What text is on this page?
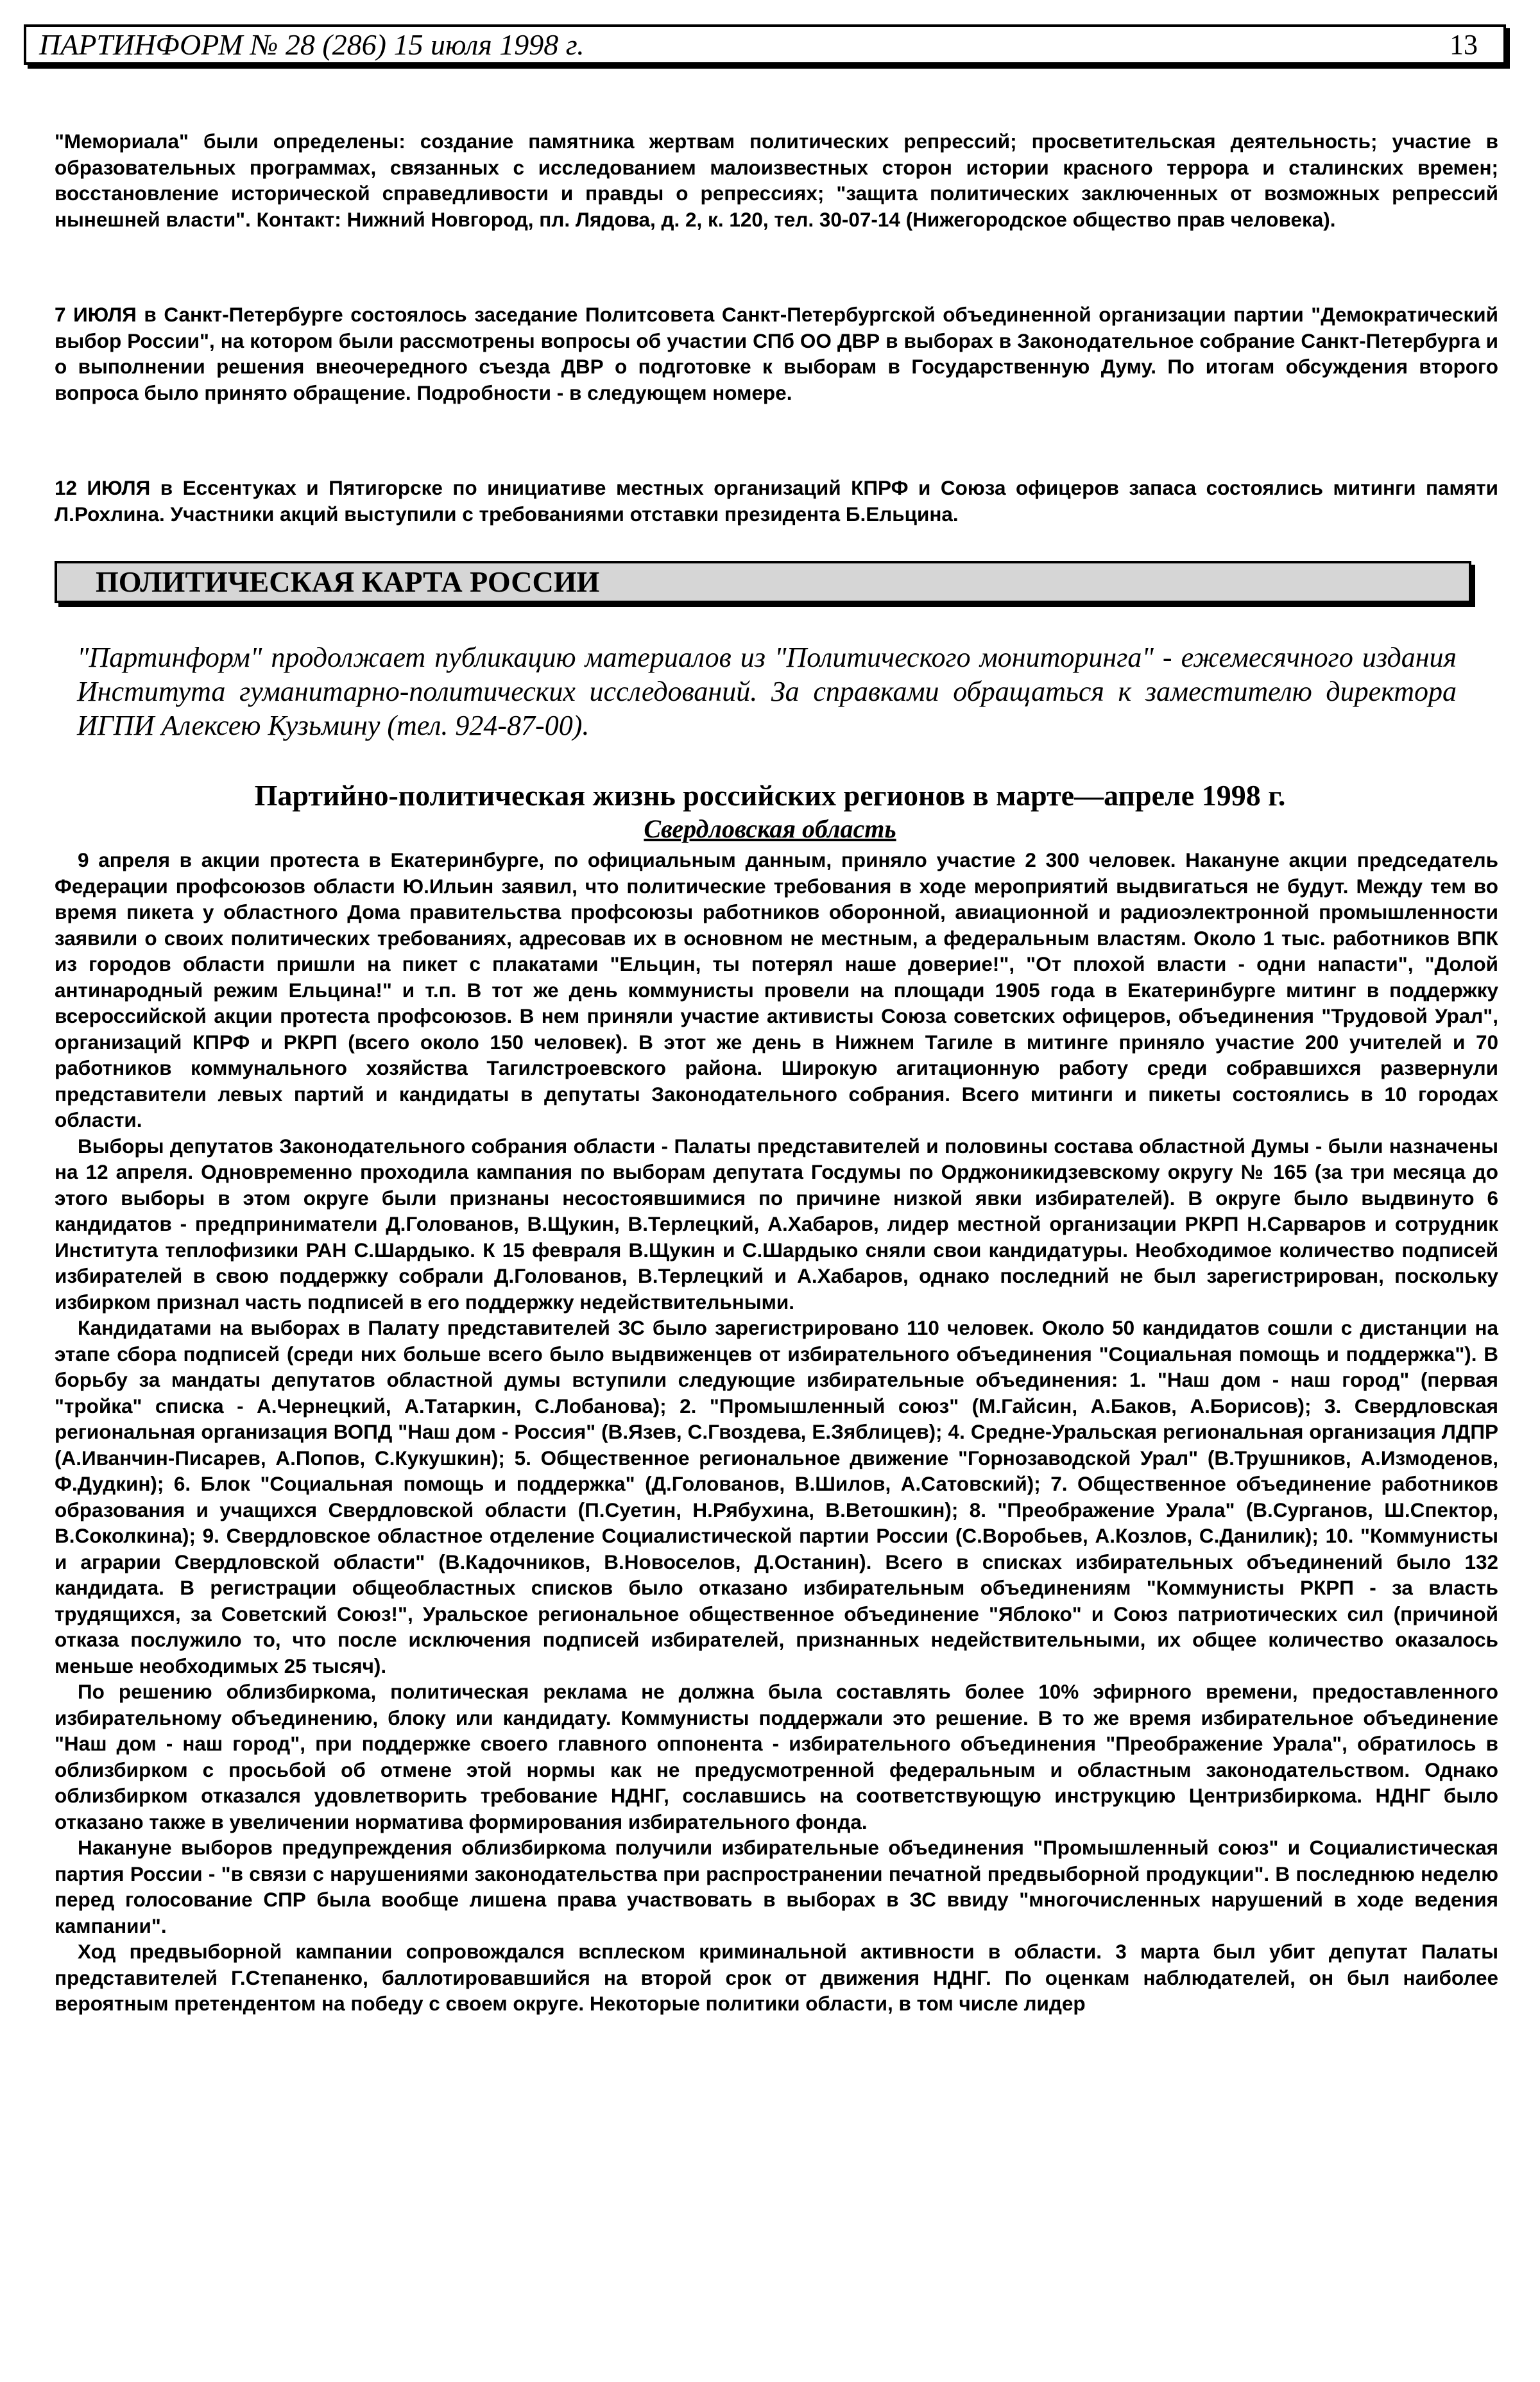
ПАРТИНФОРМ № 28 (286) 15 июля 1998 г.	13

"Мемориала" были определены: создание памятника жертвам политических репрессий; просветительская деятельность; участие в образовательных программах, связанных с исследованием малоизвестных сторон истории красного террора и сталинских времен; восстановление исторической справедливости и правды о репрессиях; "защита политических заключенных от возможных репрессий нынешней власти". Контакт: Нижний Новгород, пл. Лядова, д. 2, к. 120, тел. 30-07-14 (Нижегородское общество прав человека).

7 ИЮЛЯ в Санкт-Петербурге состоялось заседание Политсовета Санкт-Петербургской объединенной организации партии "Демократический выбор России", на котором были рассмотрены вопросы об участии СПб ОО ДВР в выборах в Законодательное собрание Санкт-Петербурга и о выполнении решения внеочередного съезда ДВР о подготовке к выборам в Государственную Думу. По итогам обсуждения второго вопроса было принято обращение. Подробности - в следующем номере.

12 ИЮЛЯ в Ессентуках и Пятигорске по инициативе местных организаций КПРФ и Союза офицеров запаса состоялись митинги памяти Л.Рохлина. Участники акций выступили с требованиями отставки президента Б.Ельцина.

ПОЛИТИЧЕСКАЯ КАРТА РОССИИ

"Партинформ" продолжает публикацию материалов из "Политического мониторинга" - ежемесячного издания Института гуманитарно-политических исследований. За справками обращаться к заместителю директора ИГПИ Алексею Кузьмину (тел. 924-87-00).

Партийно-политическая жизнь российских регионов в марте—апреле 1998 г.
Свердловская область

9 апреля в акции протеста в Екатеринбурге, по официальным данным, приняло участие 2 300 человек. Накануне акции председатель Федерации профсоюзов области Ю.Ильин заявил, что политические требования в ходе мероприятий выдвигаться не будут. Между тем во время пикета у областного Дома правительства профсоюзы работников оборонной, авиационной и радиоэлектронной промышленности заявили о своих политических требованиях, адресовав их в основном не местным, а федеральным властям. Около 1 тыс. работников ВПК из городов области пришли на пикет с плакатами "Ельцин, ты потерял наше доверие!", "От плохой власти - одни напасти", "Долой антинародный режим Ельцина!" и т.п. В тот же день коммунисты провели на площади 1905 года в Екатеринбурге митинг в поддержку всероссийской акции протеста профсоюзов. В нем приняли участие активисты Союза советских офицеров, объединения "Трудовой Урал", организаций КПРФ и РКРП (всего около 150 человек). В этот же день в Нижнем Тагиле в митинге приняло участие 200 учителей и 70 работников коммунального хозяйства Тагилстроевского района. Широкую агитационную работу среди собравшихся развернули представители левых партий и кандидаты в депутаты Законодательного собрания. Всего митинги и пикеты состоялись в 10 городах области.

Выборы депутатов Законодательного собрания области - Палаты представителей и половины состава областной Думы - были назначены на 12 апреля. Одновременно проходила кампания по выборам депутата Госдумы по Орджоникидзевскому округу № 165 (за три месяца до этого выборы в этом округе были признаны несостоявшимися по причине низкой явки избирателей). В округе было выдвинуто 6 кандидатов - предприниматели Д.Голованов, В.Щукин, В.Терлецкий, А.Хабаров, лидер местной организации РКРП Н.Сарваров и сотрудник Института теплофизики РАН С.Шардыко. К 15 февраля В.Щукин и С.Шардыко сняли свои кандидатуры. Необходимое количество подписей избирателей в свою поддержку собрали Д.Голованов, В.Терлецкий и А.Хабаров, однако последний не был зарегистрирован, поскольку избирком признал часть подписей в его поддержку недействительными.

Кандидатами на выборах в Палату представителей ЗС было зарегистрировано 110 человек. Около 50 кандидатов сошли с дистанции на этапе сбора подписей (среди них больше всего было выдвиженцев от избирательного объединения "Социальная помощь и поддержка"). В борьбу за мандаты депутатов областной думы вступили следующие избирательные объединения: 1. "Наш дом - наш город" (первая "тройка" списка - А.Чернецкий, А.Татаркин, С.Лобанова); 2. "Промышленный союз" (М.Гайсин, А.Баков, А.Борисов); 3. Свердловская региональная организация ВОПД "Наш дом - Россия" (В.Язев, С.Гвоздева, Е.Зяблицев); 4. Средне-Уральская региональная организация ЛДПР (А.Иванчин-Писарев, А.Попов, С.Кукушкин); 5. Общественное региональное движение "Горнозаводской Урал" (В.Трушников, А.Измоденов, Ф.Дудкин); 6. Блок "Социальная помощь и поддержка" (Д.Голованов, В.Шилов, А.Сатовский); 7. Общественное объединение работников образования и учащихся Свердловской области (П.Суетин, Н.Рябухина, В.Ветошкин); 8. "Преображение Урала" (В.Сурганов, Ш.Спектор, В.Соколкина); 9. Свердловское областное отделение Социалистической партии России (С.Воробьев, А.Козлов, С.Данилик); 10. "Коммунисты и аграрии Свердловской области" (В.Кадочников, В.Новоселов, Д.Останин). Всего в списках избирательных объединений было 132 кандидата. В регистрации общеобластных списков было отказано избирательным объединениям "Коммунисты РКРП - за власть трудящихся, за Советский Союз!", Уральское региональное общественное объединение "Яблоко" и Союз патриотических сил (причиной отказа послужило то, что после исключения подписей избирателей, признанных недействительными, их общее количество оказалось меньше необходимых 25 тысяч).

По решению облизбиркома, политическая реклама не должна была составлять более 10% эфирного времени, предоставленного избирательному объединению, блоку или кандидату. Коммунисты поддержали это решение. В то же время избирательное объединение "Наш дом - наш город", при поддержке своего главного оппонента - избирательного объединения "Преображение Урала", обратилось в облизбирком с просьбой об отмене этой нормы как не предусмотренной федеральным и областным законодательством. Однако облизбирком отказался удовлетворить требование НДНГ, сославшись на соответствующую инструкцию Центризбиркома. НДНГ было отказано также в увеличении норматива формирования избирательного фонда.

Накануне выборов предупреждения облизбиркома получили избирательные объединения "Промышленный союз" и Социалистическая партия России - "в связи с нарушениями законодательства при распространении печатной предвыборной продукции". В последнюю неделю перед голосование СПР была вообще лишена права участвовать в выборах в ЗС ввиду "многочисленных нарушений в ходе ведения кампании".

Ход предвыборной кампании сопровождался всплеском криминальной активности в области. 3 марта был убит депутат Палаты представителей Г.Степаненко, баллотировавшийся на второй срок от движения НДНГ. По оценкам наблюдателей, он был наиболее вероятным претендентом на победу с своем округе. Некоторые политики области, в том числе лидер
